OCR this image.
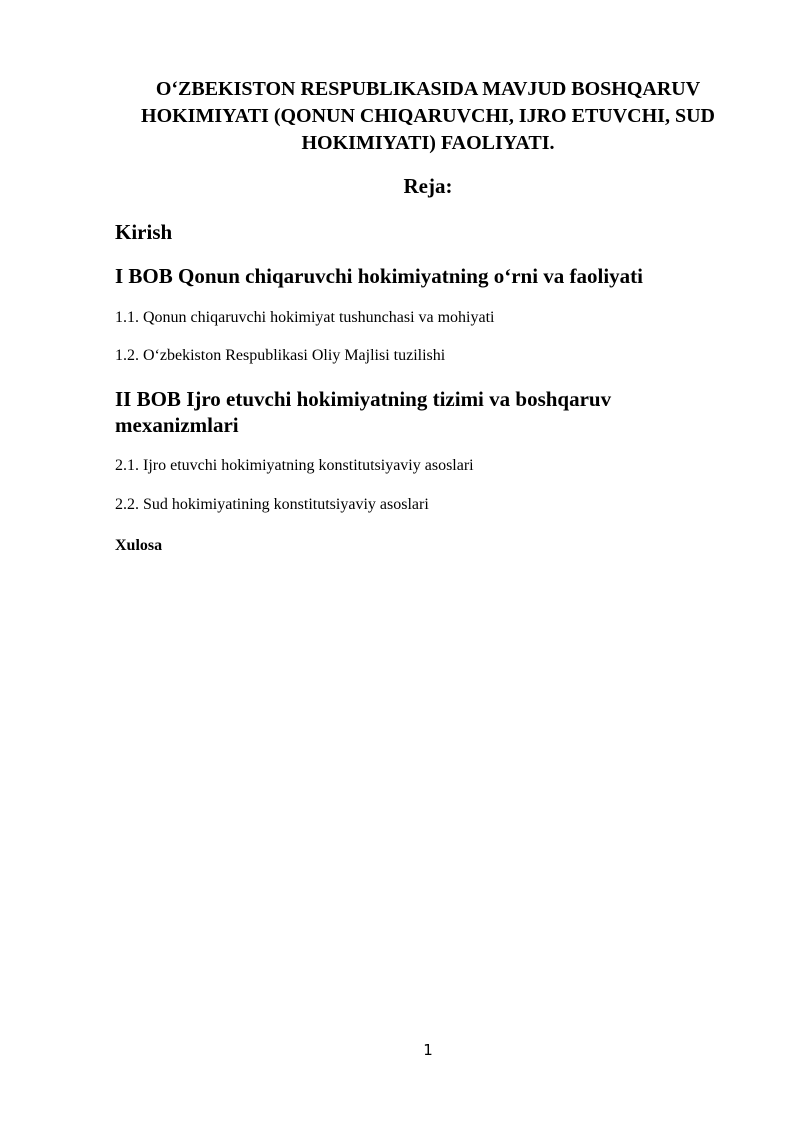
O‘ZBEKISTON RESPUBLIKASIDA MAVJUD BOSHQARUV HOKIMIYATI (QONUN CHIQARUVCHI, IJRO ETUVCHI, SUD HOKIMIYATI) FAOLIYATI.
Reja:
Kirish
I BOB Qonun chiqaruvchi hokimiyatning o‘rni va faoliyati

1.1. Qonun chiqaruvchi hokimiyat tushunchasi va mohiyati

1.2. O‘zbekiston Respublikasi Oliy Majlisi tuzilishi

II BOB Ijro etuvchi hokimiyatning tizimi va boshqaruv mexanizmlari

2.1. Ijro etuvchi hokimiyatning konstitutsiyaviy asoslari

2.2. Sud hokimiyatining konstitutsiyaviy asoslari

Xulosa
1
